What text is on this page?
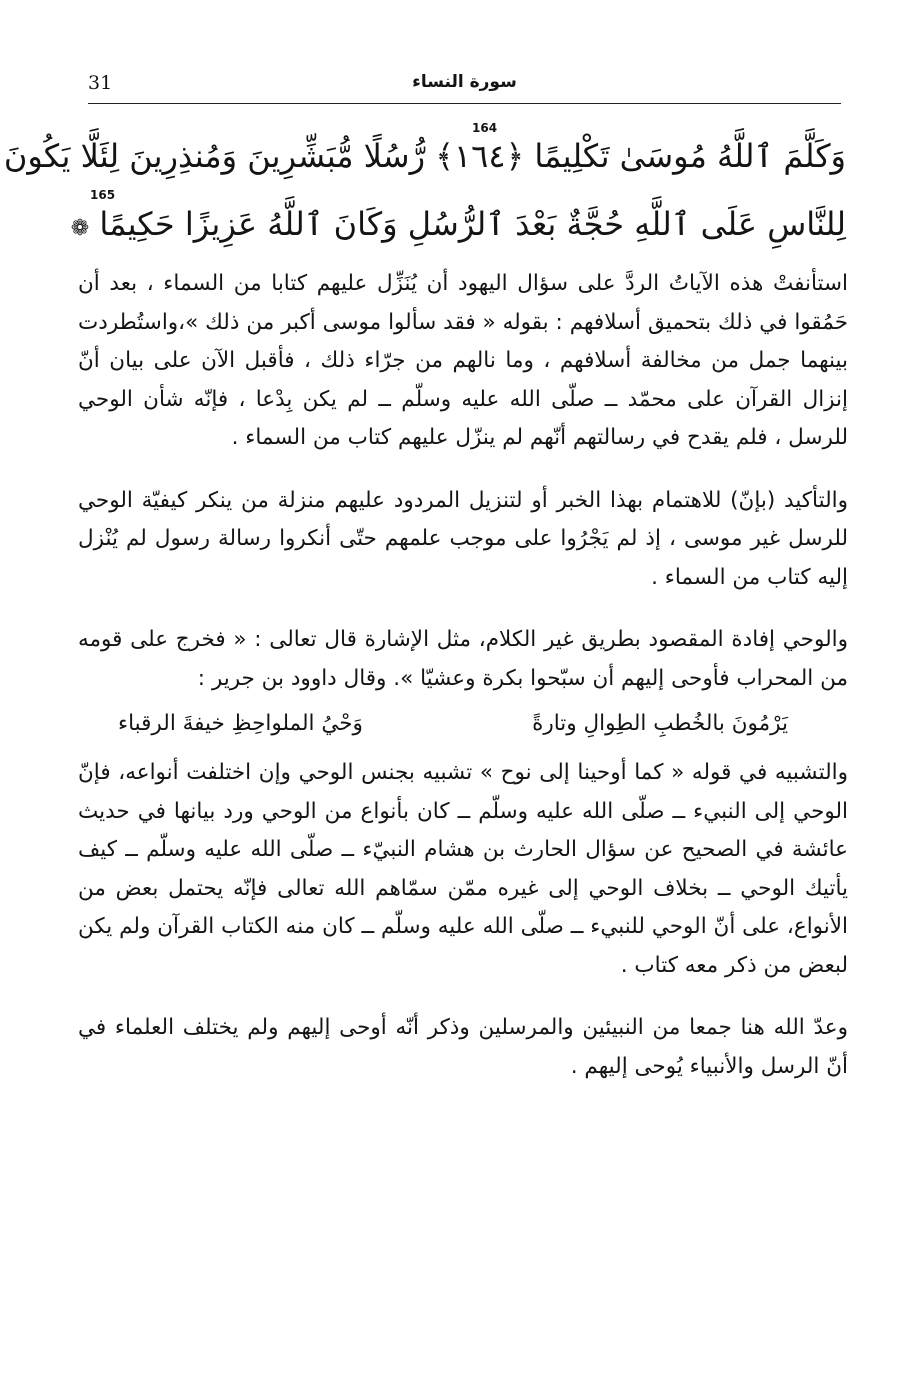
31	سورة النساء
164
165
وَكَلَّمَ ٱللَّهُ مُوسَىٰ تَكْلِيمًا ﴿١٦٤﴾ رُّسُلًا مُّبَشِّرِينَ وَمُنذِرِينَ لِئَلَّا يَكُونَ
لِلنَّاسِ عَلَى ٱللَّهِ حُجَّةٌ بَعْدَ ٱلرُّسُلِ وَكَانَ ٱللَّهُ عَزِيزًا حَكِيمًا ❁

استأنفتْ هذه الآياتُ الردَّ على سؤال اليهود أن يُنَزِّل عليهم كتابا من السماء ، بعد أن حَمُقوا في ذلك بتحميق أسلافهم : بقوله « فقد سألوا موسى أكبر من ذلك »،واستُطردت بينهما جمل من مخالفة أسلافهم ، وما نالهم من جرّاء ذلك ، فأقبل الآن على بيان أنّ إنزال القرآن على محمّد ــ صلّى الله عليه وسلّم ــ لم يكن بِدْعا ، فإنّه شأن الوحي للرسل ، فلم يقدح في رسالتهم أنّهم لم ينزّل عليهم كتاب من السماء .

والتأكيد (بإنّ) للاهتمام بهذا الخبر أو لتنزيل المردود عليهم منزلة من ينكر كيفيّة الوحي للرسل غير موسى ، إذ لم يَجْرُوا على موجب علمهم حتّى أنكروا رسالة رسول لم يُنْزل إليه كتاب من السماء .

والوحي إفادة المقصود بطريق غير الكلام، مثل الإشارة قال تعالى : « فخرج على قومه من المحراب فأوحى إليهم أن سبّحوا بكرة وعشيّا ». وقال داوود بن جرير :

يَرْمُونَ بالخُطبِ الطِوالِ وتارةً
وَحْيُ الملواحِظِ خيفةَ الرقباء

والتشبيه في قوله « كما أوحينا إلى نوح » تشبيه بجنس الوحي وإن اختلفت أنواعه، فإنّ الوحي إلى النبيء ــ صلّى الله عليه وسلّم ــ كان بأنواع من الوحي ورد بيانها في حديث عائشة في الصحيح عن سؤال الحارث بن هشام النبيّء ــ صلّى الله عليه وسلّم ــ كيف يأتيك الوحي ــ بخلاف الوحي إلى غيره ممّن سمّاهم الله تعالى فإنّه يحتمل بعض من الأنواع، على أنّ الوحي للنبيء ــ صلّى الله عليه وسلّم ــ كان منه الكتاب القرآن ولم يكن لبعض من ذكر معه كتاب .

وعدّ الله هنا جمعا من النبيئين والمرسلين وذكر أنّه أوحى إليهم ولم يختلف العلماء في أنّ الرسل والأنبياء يُوحى إليهم .
